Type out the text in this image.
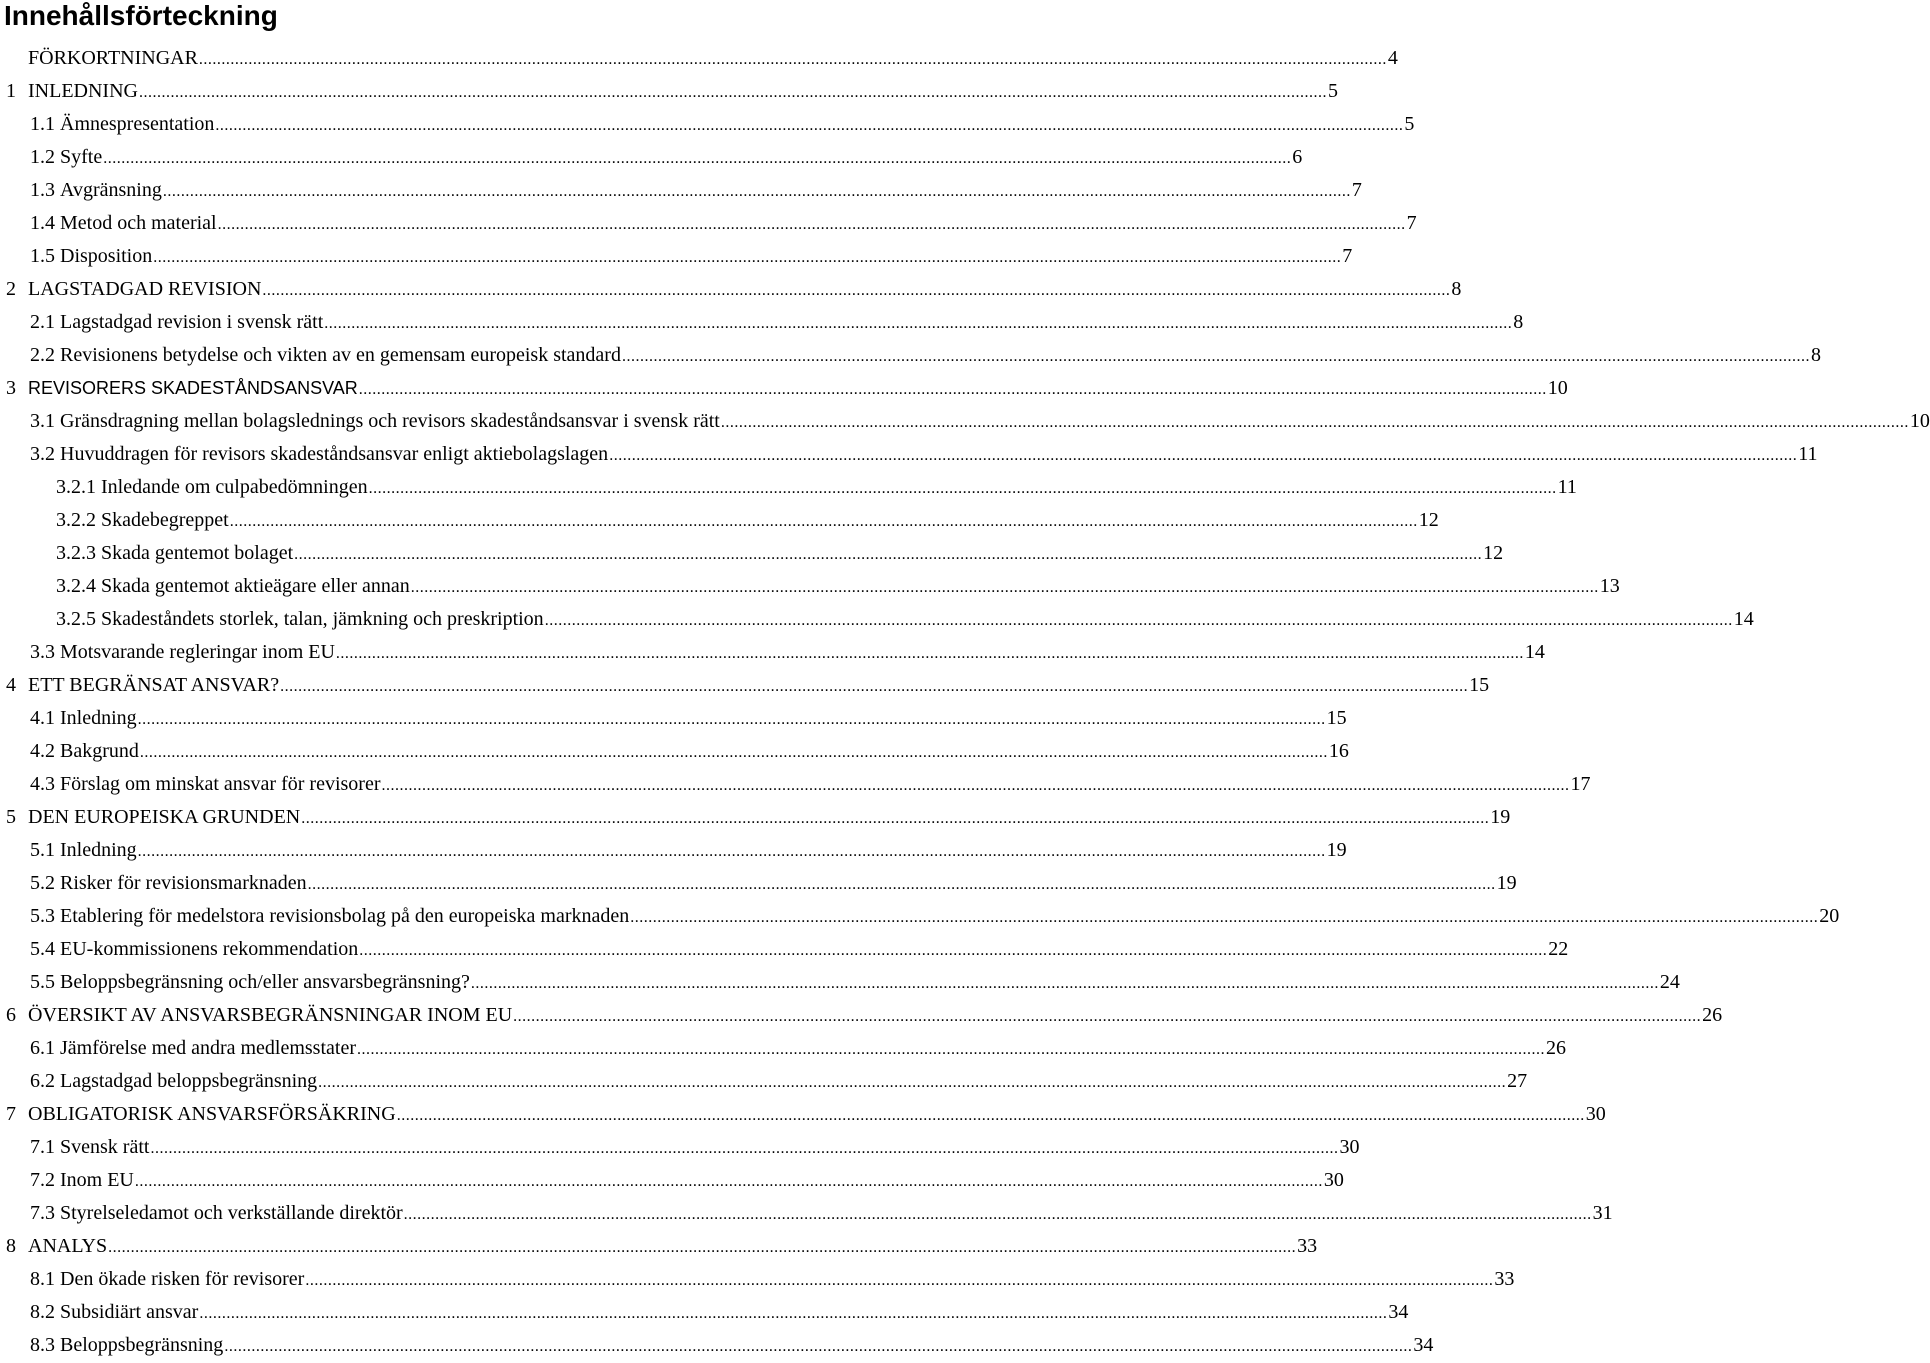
Innehållsförteckning
FÖRKORTNINGAR .....	4
1 INLEDNING .....	5
1.1 Ämnespresentation .....	5
1.2 Syfte .....	6
1.3 Avgränsning .....	7
1.4 Metod och material .....	7
1.5 Disposition .....	7
2 LAGSTADGAD REVISION .....	8
2.1 Lagstadgad revision i svensk rätt .....	8
2.2 Revisionens betydelse och vikten av en gemensam europeisk standard .....	8
3 REVISORERS SKADESTÅNDSANSVAR .....	10
3.1 Gränsdragning mellan bolagslednings och revisors skadeståndsansvar i svensk rätt .....	10
3.2 Huvuddragen för revisors skadeståndsansvar enligt aktiebolagslagen .....	11
3.2.1 Inledande om culpabedömningen .....	11
3.2.2 Skadebegreppet .....	12
3.2.3 Skada gentemot bolaget .....	12
3.2.4 Skada gentemot aktieägare eller annan .....	13
3.2.5 Skadeståndets storlek, talan, jämkning och preskription .....	14
3.3 Motsvarande regleringar inom EU .....	14
4 ETT BEGRÄNSAT ANSVAR? .....	15
4.1 Inledning .....	15
4.2 Bakgrund .....	16
4.3 Förslag om minskat ansvar för revisorer .....	17
5 DEN EUROPEISKA GRUNDEN .....	19
5.1 Inledning .....	19
5.2 Risker för revisionsmarknaden .....	19
5.3 Etablering för medelstora revisionsbolag på den europeiska marknaden .....	20
5.4 EU-kommissionens rekommendation .....	22
5.5 Beloppsbegränsning och/eller ansvarsbegränsning? .....	24
6 ÖVERSIKT AV ANSVARSBEGRÄNSNINGAR INOM EU .....	26
6.1 Jämförelse med andra medlemsstater .....	26
6.2 Lagstadgad beloppsbegränsning .....	27
7 OBLIGATORISK ANSVARSFÖRSÄKRING .....	30
7.1 Svensk rätt .....	30
7.2 Inom EU .....	30
7.3 Styrelseledamot och verkställande direktör .....	31
8 ANALYS .....	33
8.1 Den ökade risken för revisorer .....	33
8.2 Subsidiärt ansvar .....	34
8.3 Beloppsbegränsning .....	34
